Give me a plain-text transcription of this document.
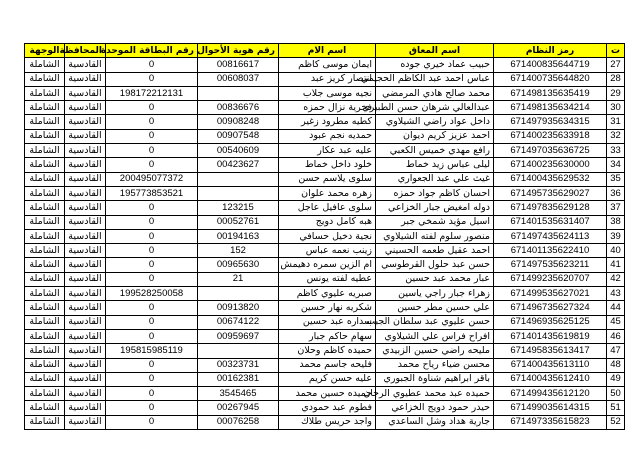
ت	رمز النظام	اسم المعاق	اسم الام	رقم هوية الأحوال	رقم البطاقة الموحدة	المحافظة	الوجهة
27	671400835644719	حبيب عماد خيري جوده	ايمان موسى كاظم	00816617	0	القادسية	الشاملة
28	671400735644820	عباس احمد عبد الكاظم الحجيمي	انتصار كريز عبد	00608037	0	القادسية	الشاملة
29	671498135635419	محمد صالح هادي المرمضي	نجيه موسى جلاب		198172212131	القادسية	الشاملة
30	671498135634214	عبدالعالي شرهان حسن الطبيري	فخرية نزال حمزه	00836676	0	القادسية	الشاملة
31	671497935634315	داخل عواد راضي الشيلاوي	كطيه مطرود زغير	00908248	0	القادسية	الشاملة
32	671400235633918	احمد عزيز كريم ديوان	حمديه نجم عبود	00907548	0	القادسية	الشاملة
33	671497035636725	رافع مهدي خميس الكعبي	عليه عبد عكار	00540609	0	القادسية	الشاملة
34	671400235630000	ليلى عباس زيد خماط	خلود داخل خماط	00423627	0	القادسية	الشاملة
35	671400435629532	غيث علي عبد الجعواري	سلوى يلاسم حسن		200495077372	القادسية	الشاملة
36	671495735629027	احسان كاظم جواد حمزه	زهره محمد علوان		195773853521	القادسية	الشاملة
37	671497835629128	دوله امغيض جبار الخزاعي	سلوى عافيل عاجل	123215	0	القادسية	الشاملة
38	671401535631407	اسيل مؤيد شمخي جبر	هبه كامل دويج	00052761	0	القادسية	الشاملة
39	671497435624113	منصور سلوم لفته الشيلاوي	نجية دخيل حسافي	00194163	0	القادسية	الشاملة
40	671401135622410	احمد عقيل طعمه الحسيني	زينب نعمه عباس	152	0	القادسية	الشاملة
41	671497535623211	حسن عبد حلول القرطوسي	ام الزين سمره دهيمش	00965630	0	القادسية	الشاملة
42	671499235620707	عبار محمد عبد حسين	عطيه لفته يونس	21	0	القادسية	الشاملة
43	671499535627021	زهراء جبار راجي ياسين	صبريه عليوي كاظم		199528250058	القادسية	الشاملة
44	671496735627324	علي حسين مطر حسين	شكريه نهار حسين	00913820	0	القادسية	الشاملة
45	671496935625125	حسن عليوي عبد سلطان الجبب	سداره عبد حسين	00674122	0	القادسية	الشاملة
46	671401435619819	افراح فراس علي الشيلاوي	سهام حاكم جبار	00959697	0	القادسية	الشاملة
47	671495835613417	مليحه راضي حسين الزبيدي	حميده كاظم وحلان		195815985119	القادسية	الشاملة
48	671400435613110	محسن ضياء رياح محمد	فليحه جاسم محمد	00323731	0	القادسية	الشاملة
49	671400435612410	باقر ابراهيم شناوة الجبوري	عليه حسن كريم	00162381	0	القادسية	الشاملة
50	671499435612120	حميده عبد محمد عطيوي الرجان	حميده حسين محمد	3545465	0	القادسية	الشاملة
51	671499035614315	حيدر حمود دويج الخزاعي	فطوم عبد حمودي	00267945	0	القادسية	الشاملة
52	671497335615823	جارية هداد وشل الساعدي	واجد حريس طلاك	00076258	0	القادسية	الشاملة
